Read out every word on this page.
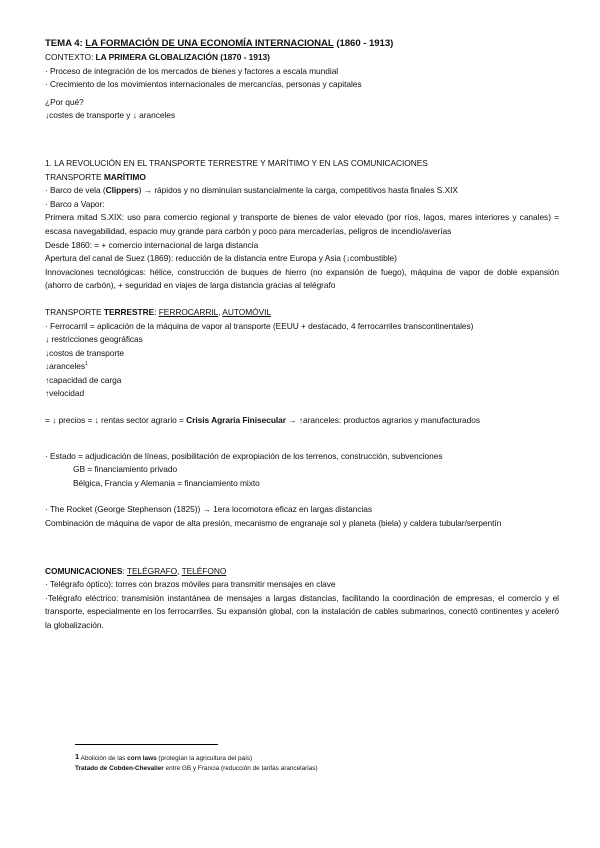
TEMA 4: LA FORMACIÓN DE UNA ECONOMÍA INTERNACIONAL (1860 - 1913)
CONTEXTO: LA PRIMERA GLOBALIZACIÓN (1870 - 1913)
· Proceso de integración de los mercados de bienes y factores a escala mundial
· Crecimiento de los movimientos internacionales de mercancías, personas y capitales
¿Por qué?
↓costes de transporte y ↓ aranceles
1. LA REVOLUCIÓN EN EL TRANSPORTE TERRESTRE Y MARÍTIMO Y EN LAS COMUNICACIONES
TRANSPORTE MARÍTIMO
· Barco de vela (Clippers) → rápidos y no disminuían sustancialmente la carga, competitivos hasta finales S.XIX
· Barco a Vapor:
Primera mitad S.XIX: uso para comercio regional y transporte de bienes de valor elevado (por ríos, lagos, mares interiores y canales) = escasa navegabilidad, espacio muy grande para carbón y poco para mercaderías, peligros de incendio/averías
Desde 1860: = + comercio internacional de larga distancia
Apertura del canal de Suez (1869): reducción de la distancia entre Europa y Asia (↓combustible)
Innovaciones tecnológicas: hélice, construcción de buques de hierro (no expansión de fuego), máquina de vapor de doble expansión (ahorro de carbón), + seguridad en viajes de larga distancia gracias al telégrafo
TRANSPORTE TERRESTRE: FERROCARRIL, AUTOMÓVIL
· Ferrocarril = aplicación de la máquina de vapor al transporte (EEUU + destacado, 4 ferrocarriles transcontinentales)
↓ restricciones geográficas
↓costos de transporte
↓aranceles$^1$
↑capacidad de carga
↑velocidad
= ↓ precios = ↓ rentas sector agrario = Crisis Agraria Finisecular → ↑aranceles: productos agrarios y manufacturados
· Estado = adjudicación de líneas, posibilitación de expropiación de los terrenos, construcción, subvenciones
GB = financiamiento privado
Bélgica, Francia y Alemania = financiamiento mixto
· The Rocket (George Stephenson (1825)) → 1era locomotora eficaz en largas distancias
Combinación de máquina de vapor de alta presión, mecanismo de engranaje sol y planeta (biela) y caldera tubular/serpentín
COMUNICACIONES: TELÉGRAFO, TELÉFONO
· Telégrafo óptico): torres con brazos móviles para transmitir mensajes en clave
·Telégrafo eléctrico: transmisión instantánea de mensajes a largas distancias, facilitando la coordinación de empresas, el comercio y el transporte, especialmente en los ferrocarriles. Su expansión global, con la instalación de cables submarinos, conectó continentes y aceleró la globalización.
1 Abolición de las corn laws (protegían la agricultura del país)
Tratado de Cobden-Chevalier entre GB y Francia (reducción de tarifas arancelarias)
